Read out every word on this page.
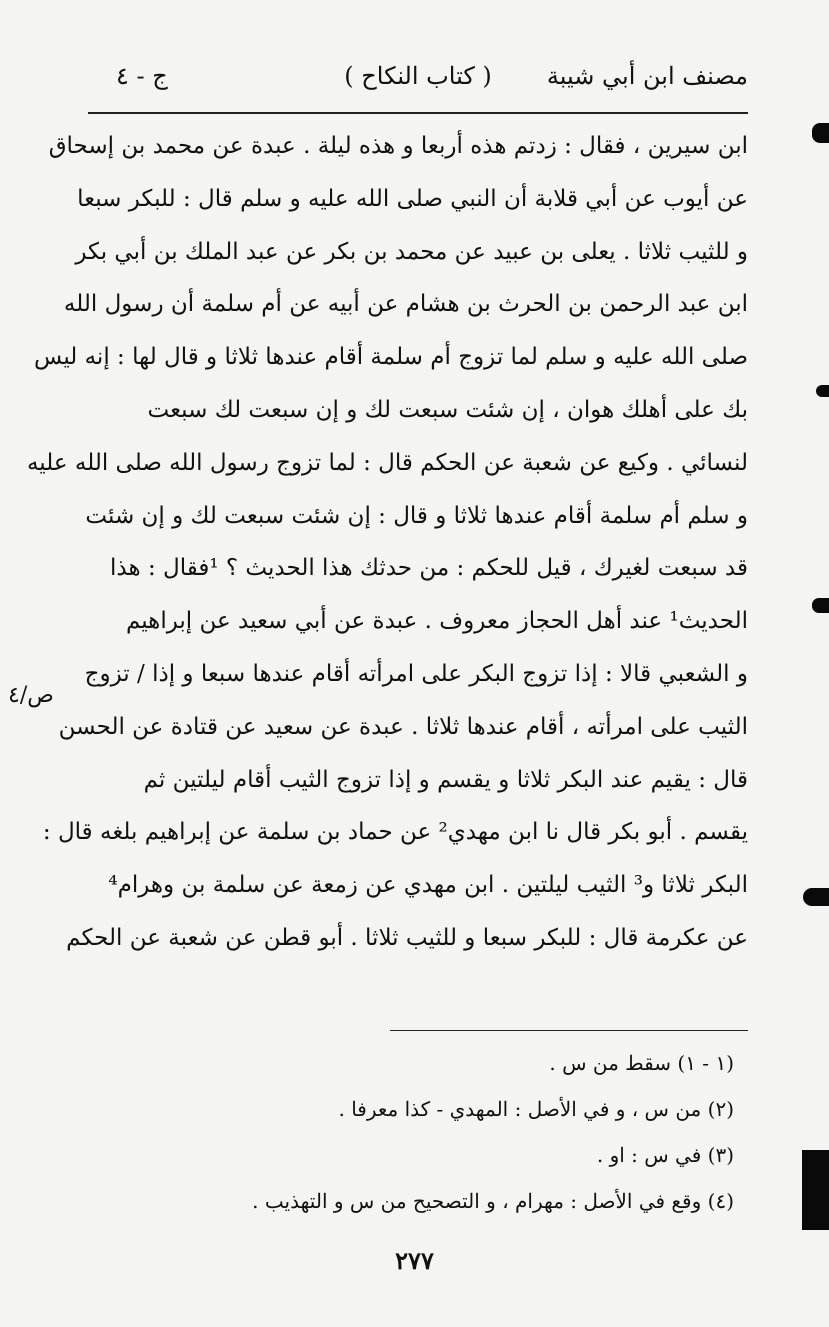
مصنف ابن أبي شيبة
( كتاب النكاح )
ج - ٤
ابن سيرين ، فقال : زدتم هذه أربعا و هذه ليلة . عبدة عن محمد بن إسحاق
عن أيوب عن أبي قلابة أن النبي صلى الله عليه و سلم قال : للبكر سبعا
و للثيب ثلاثا . يعلى بن عبيد عن محمد بن بكر عن عبد الملك بن أبي بكر
ابن عبد الرحمن بن الحرث بن هشام عن أبيه عن أم سلمة أن رسول الله
صلى الله عليه و سلم لما تزوج أم سلمة أقام عندها ثلاثا و قال لها : إنه ليس
بك على أهلك هوان ، إن شئت سبعت لك و إن سبعت لك سبعت
لنسائي . وكيع عن شعبة عن الحكم قال : لما تزوج رسول الله صلى الله عليه
و سلم أم سلمة أقام عندها ثلاثا و قال : إن شئت سبعت لك و إن شئت
قد سبعت لغيرك ، قيل للحكم : من حدثك هذا الحديث ؟ ¹فقال : هذا
الحديث¹ عند أهل الحجاز معروف . عبدة عن أبي سعيد عن إبراهيم
و الشعبي قالا : إذا تزوج البكر على امرأته أقام عندها سبعا و إذا / تزوج
الثيب على امرأته ، أقام عندها ثلاثا . عبدة عن سعيد عن قتادة عن الحسن
قال : يقيم عند البكر ثلاثا و يقسم و إذا تزوج الثيب أقام ليلتين ثم
يقسم . أبو بكر قال نا ابن مهدي² عن حماد بن سلمة عن إبراهيم بلغه قال :
البكر ثلاثا و³ الثيب ليلتين . ابن مهدي عن زمعة عن سلمة بن وهرام⁴
عن عكرمة قال : للبكر سبعا و للثيب ثلاثا . أبو قطن عن شعبة عن الحكم
ص/٤
(١ - ١) سقط من س .
(٢) من س ، و في الأصل : المهدي - كذا معرفا .
(٣) في س : او .
(٤) وقع في الأصل : مهرام ، و التصحيح من س و التهذيب .
٢٧٧
